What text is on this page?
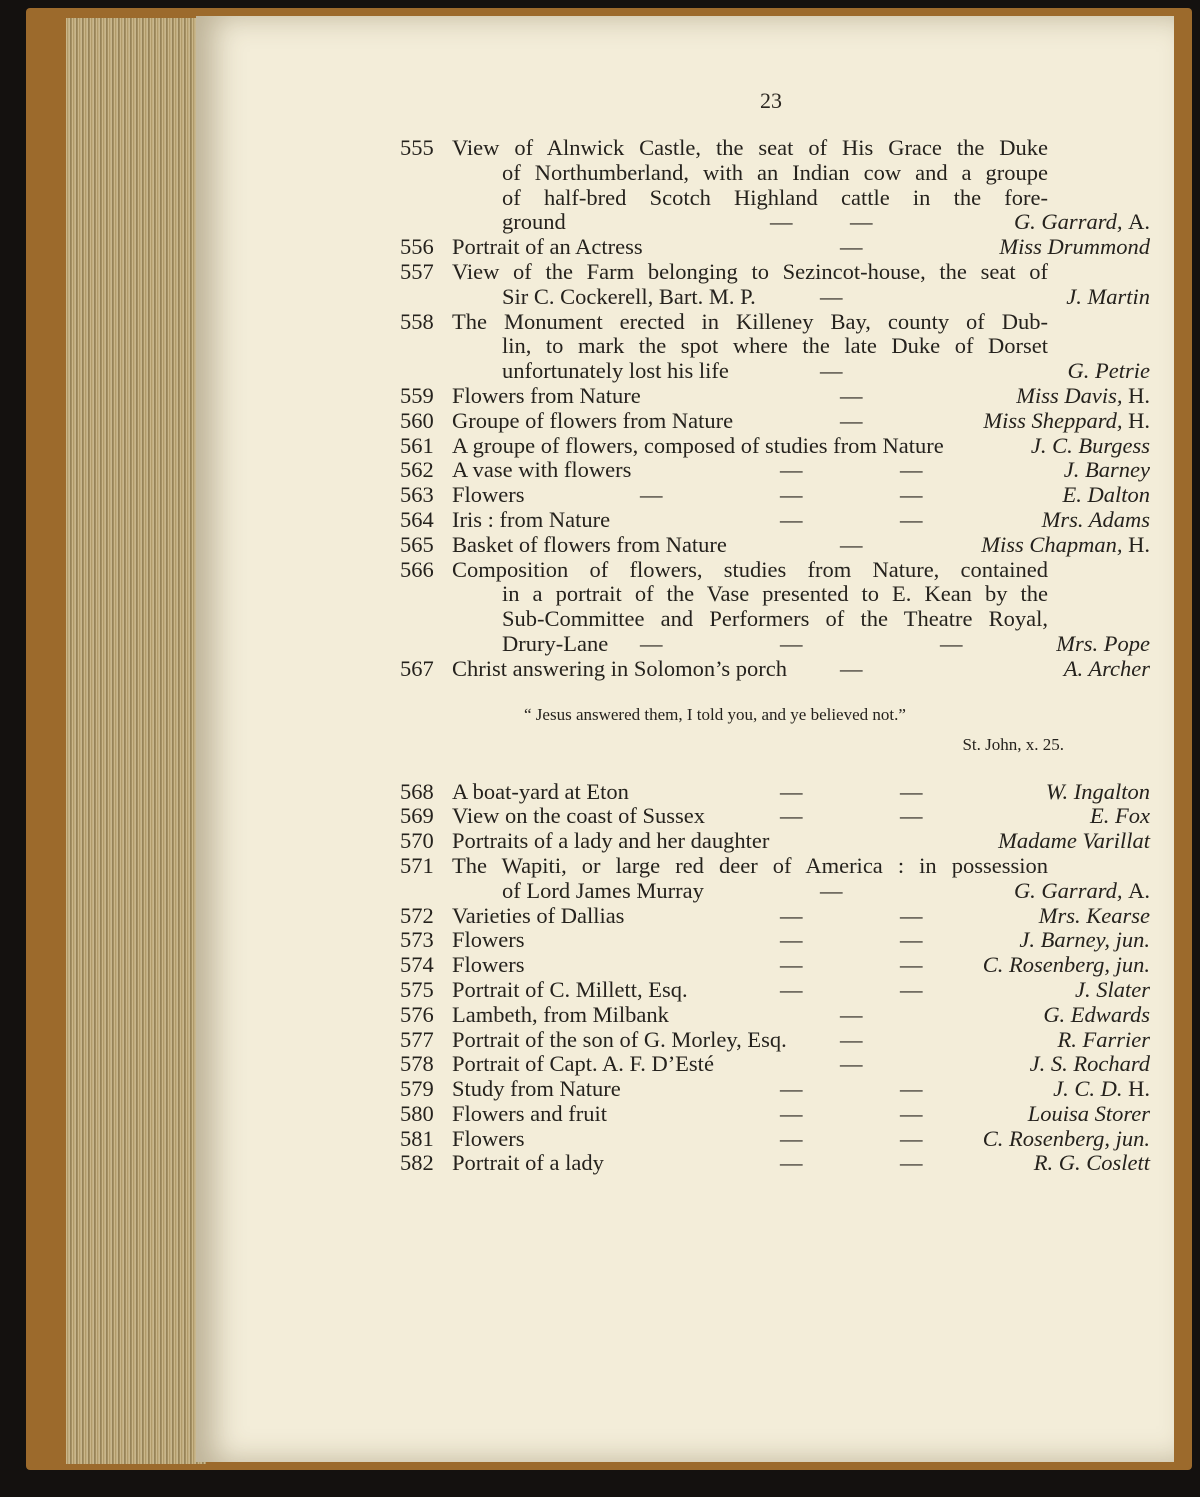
23
555 View of Alnwick Castle, the seat of His Grace the Duke
of Northumberland, with an Indian cow and a groupe
of half-bred Scotch Highland cattle in the fore-
ground	—	—	G. Garrard, A.
556 Portrait of an Actress	—	Miss Drummond
557 View of the Farm belonging to Sezincot-house, the seat of
Sir C. Cockerell, Bart. M. P.	—	J. Martin
558 The Monument erected in Killeney Bay, county of Dub-
lin, to mark the spot where the late Duke of Dorset
unfortunately lost his life	—	G. Petrie
559 Flowers from Nature	—	Miss Davis, H.
560 Groupe of flowers from Nature	—	Miss Sheppard, H.
561 A groupe of flowers, composed of studies from Nature	J. C. Burgess
562 A vase with flowers	—	—	J. Barney
563 Flowers	—	—	—	E. Dalton
564 Iris : from Nature	—	—	Mrs. Adams
565 Basket of flowers from Nature	—	Miss Chapman, H.
566 Composition of flowers, studies from Nature, contained
in a portrait of the Vase presented to E. Kean by the
Sub-Committee and Performers of the Theatre Royal,
Drury-Lane —	—	—	Mrs. Pope
567 Christ answering in Solomon’s porch —	A. Archer
“ Jesus answered them, I told you, and ye believed not.”
St. John, x. 25.
568 A boat-yard at Eton	—	—	W. Ingalton
569 View on the coast of Sussex	—	—	E. Fox
570 Portraits of a lady and her daughter	Madame Varillat
571 The Wapiti, or large red deer of America : in possession
of Lord James Murray	—	G. Garrard, A.
572 Varieties of Dallias	—	—	Mrs. Kearse
573 Flowers	—	—	J. Barney, jun.
574 Flowers	—	—	C. Rosenberg, jun.
575 Portrait of C. Millett, Esq.	—	—	J. Slater
576 Lambeth, from Milbank	—	G. Edwards
577 Portrait of the son of G. Morley, Esq. —	R. Farrier
578 Portrait of Capt. A. F. D’Esté	—	J. S. Rochard
579 Study from Nature	—	—	J. C. D. H.
580 Flowers and fruit	—	—	Louisa Storer
581 Flowers	—	—	C. Rosenberg, jun.
582 Portrait of a lady	—	—	R. G. Coslett
